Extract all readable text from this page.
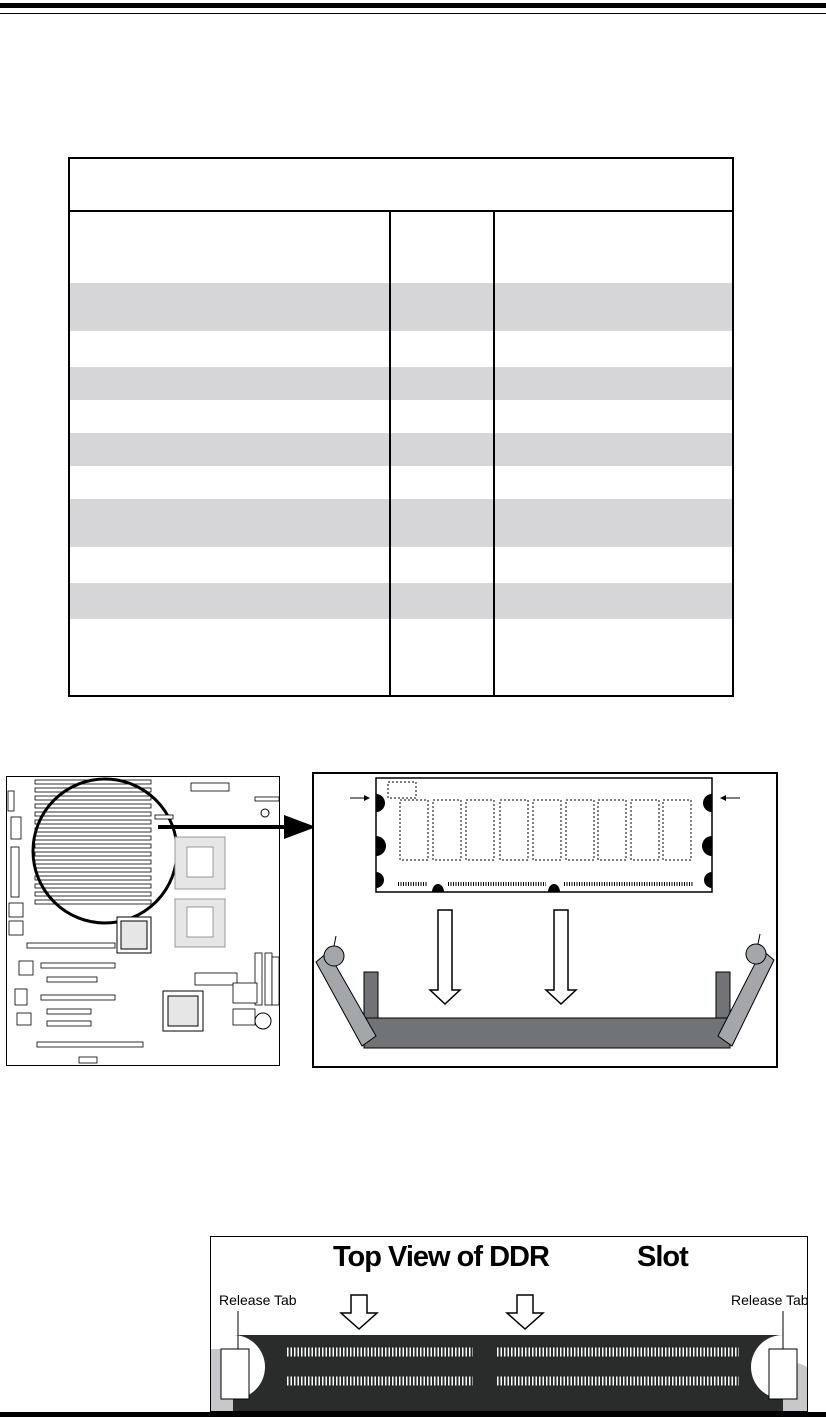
Top View of DDR	Slot
Release Tab	Release Tab
